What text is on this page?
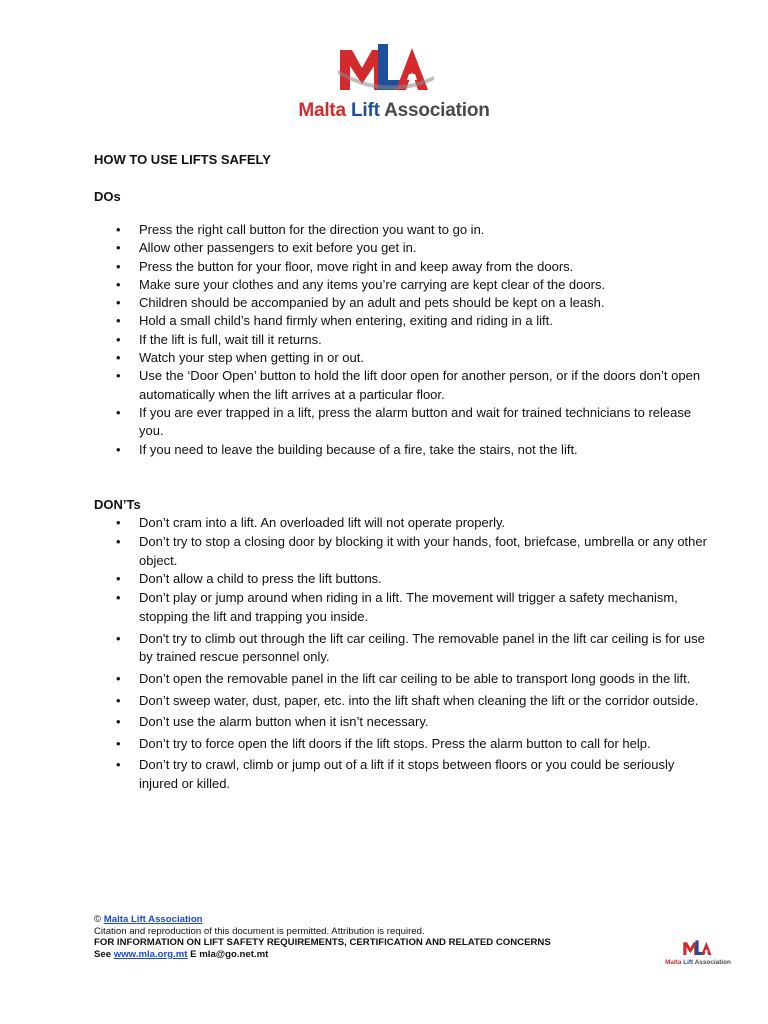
Malta Lift Association
HOW TO USE LIFTS SAFELY
DOs
• Press the right call button for the direction you want to go in.
• Allow other passengers to exit before you get in.
• Press the button for your floor, move right in and keep away from the doors.
• Make sure your clothes and any items you’re carrying are kept clear of the doors.
• Children should be accompanied by an adult and pets should be kept on a leash.
• Hold a small child’s hand firmly when entering, exiting and riding in a lift.
• If the lift is full, wait till it returns.
• Watch your step when getting in or out.
• Use the ‘Door Open’ button to hold the lift door open for another person, or if the doors don’t open automatically when the lift arrives at a particular floor.
• If you are ever trapped in a lift, press the alarm button and wait for trained technicians to release you.
• If you need to leave the building because of a fire, take the stairs, not the lift.
DON’Ts
• Don’t cram into a lift. An overloaded lift will not operate properly.
• Don’t try to stop a closing door by blocking it with your hands, foot, briefcase, umbrella or any other object.
• Don’t allow a child to press the lift buttons.
• Don’t play or jump around when riding in a lift. The movement will trigger a safety mechanism, stopping the lift and trapping you inside.
• Don't try to climb out through the lift car ceiling. The removable panel in the lift car ceiling is for use by trained rescue personnel only.
• Don’t open the removable panel in the lift car ceiling to be able to transport long goods in the lift.
• Don’t sweep water, dust, paper, etc. into the lift shaft when cleaning the lift or the corridor outside.
• Don’t use the alarm button when it isn’t necessary.
• Don’t try to force open the lift doors if the lift stops. Press the alarm button to call for help.
• Don’t try to crawl, climb or jump out of a lift if it stops between floors or you could be seriously injured or killed.
© Malta Lift Association
Citation and reproduction of this document is permitted. Attribution is required.
FOR INFORMATION ON LIFT SAFETY REQUIREMENTS, CERTIFICATION AND RELATED CONCERNS
See www.mla.org.mt E mla@go.net.mt
Malta Lift Association
